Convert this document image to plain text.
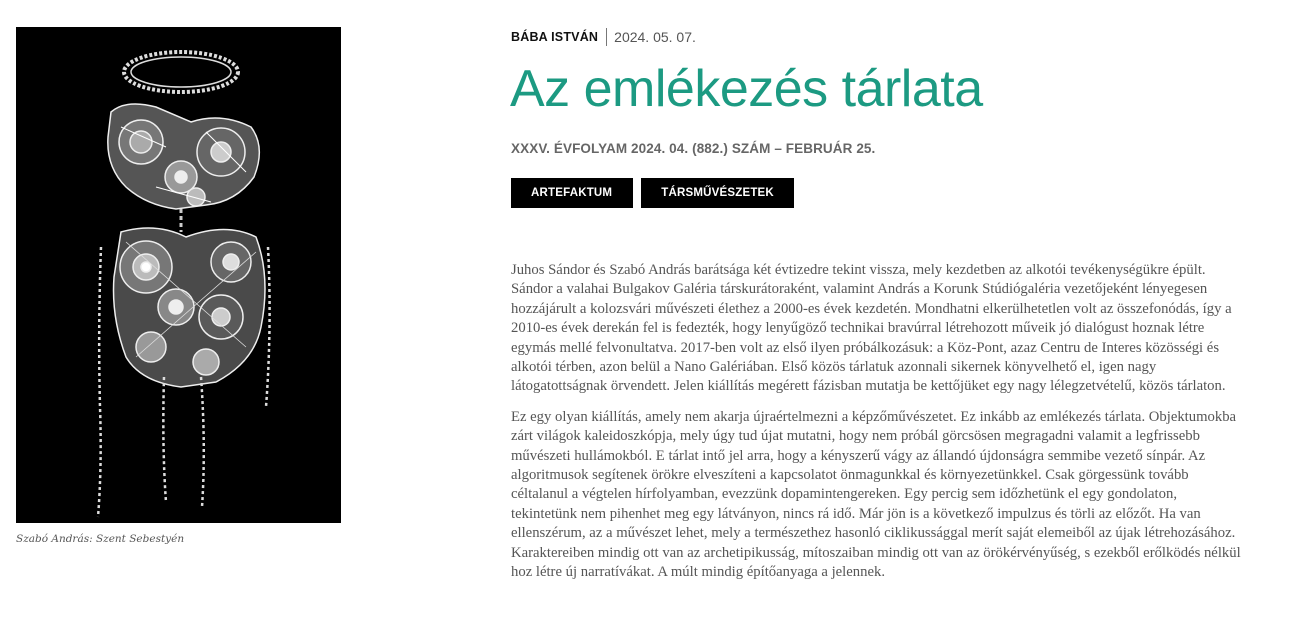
Szabó András: Szent Sebestyén
BÁBA ISTVÁN	2024. 05. 07.
Az emlékezés tárlata
XXXV. ÉVFOLYAM 2024. 04. (882.) SZÁM – FEBRUÁR 25.
ARTEFAKTUM	TÁRSMŰVÉSZETEK

Juhos Sándor és Szabó András barátsága két évtizedre tekint vissza, mely kezdetben az alkotói tevékenységükre épült. Sándor a valahai Bulgakov Galéria társkurátoraként, valamint András a Korunk Stúdiógaléria vezetőjeként lényegesen hozzájárult a kolozsvári művészeti élethez a 2000-es évek kezdetén. Mondhatni elkerülhetetlen volt az összefonódás, így a 2010-es évek derekán fel is fedezték, hogy lenyűgöző technikai bravúrral létrehozott műveik jó dialógust hoznak létre egymás mellé felvonultatva. 2017-ben volt az első ilyen próbálkozásuk: a Köz-Pont, azaz Centru de Interes közösségi és alkotói térben, azon belül a Nano Galériában. Első közös tárlatuk azonnali sikernek könyvelhető el, igen nagy látogatottságnak örvendett. Jelen kiállítás megérett fázisban mutatja be kettőjüket egy nagy lélegzetvételű, közös tárlaton.

Ez egy olyan kiállítás, amely nem akarja újraértelmezni a képzőművészetet. Ez inkább az emlékezés tárlata. Objektumokba zárt világok kaleidoszkópja, mely úgy tud újat mutatni, hogy nem próbál görcsösen megragadni valamit a legfrissebb művészeti hullámokból. E tárlat intő jel arra, hogy a kényszerű vágy az állandó újdonságra semmibe vezető sínpár. Az algoritmusok segítenek örökre elveszíteni a kapcsolatot önmagunkkal és környezetünkkel. Csak görgessünk tovább céltalanul a végtelen hírfolyamban, evezzünk dopamintengereken. Egy percig sem időzhetünk el egy gondolaton, tekintetünk nem pihenhet meg egy látványon, nincs rá idő. Már jön is a következő impulzus és törli az előzőt. Ha van ellenszérum, az a művészet lehet, mely a természethez hasonló ciklikussággal merít saját elemeiből az újak létrehozásához. Karaktereiben mindig ott van az archetipikusság, mítoszaiban mindig ott van az örökérvényűség, s ezekből erőlködés nélkül hoz létre új narratívákat. A múlt mindig építőanyaga a jelennek.
